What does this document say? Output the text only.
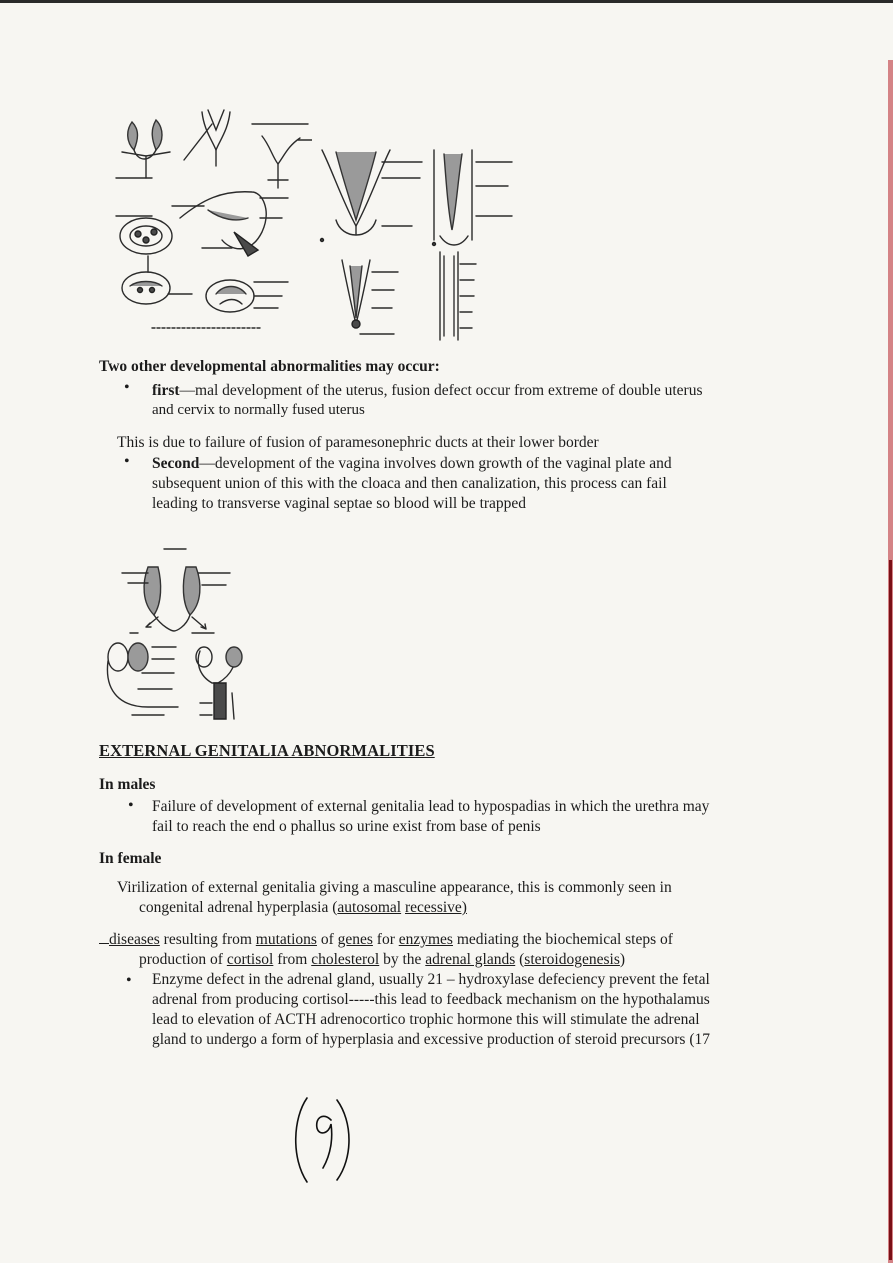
Two other developmental abnormalities may occur:
• first—mal development of the uterus, fusion defect occur from extreme of double uterus
and cervix to normally fused uterus
This is due to failure of fusion of paramesonephric ducts at their lower border
• Second—development of the vagina involves down growth of the vaginal plate and
subsequent union of this with the cloaca and then canalization, this process can fail
leading to transverse vaginal septae so blood will be trapped
EXTERNAL GENITALIA ABNORMALITIES
In males
• Failure of development of external genitalia lead to hypospadias in which the urethra may
fail to reach the end o phallus so urine exist from base of penis
In female
Virilization of external genitalia giving a masculine appearance, this is commonly seen in
congenital adrenal hyperplasia (autosomal recessive)
diseases resulting from mutations of genes for enzymes mediating the biochemical steps of
production of cortisol from cholesterol by the adrenal glands (steroidogenesis)
• Enzyme defect in the adrenal gland, usually 21 – hydroxylase defeciency prevent the fetal
adrenal from producing cortisol-----this lead to feedback mechanism on the hypothalamus
lead to elevation of ACTH adrenocortico trophic hormone this will stimulate the adrenal
gland to undergo a form of hyperplasia and excessive production of steroid precursors (17
